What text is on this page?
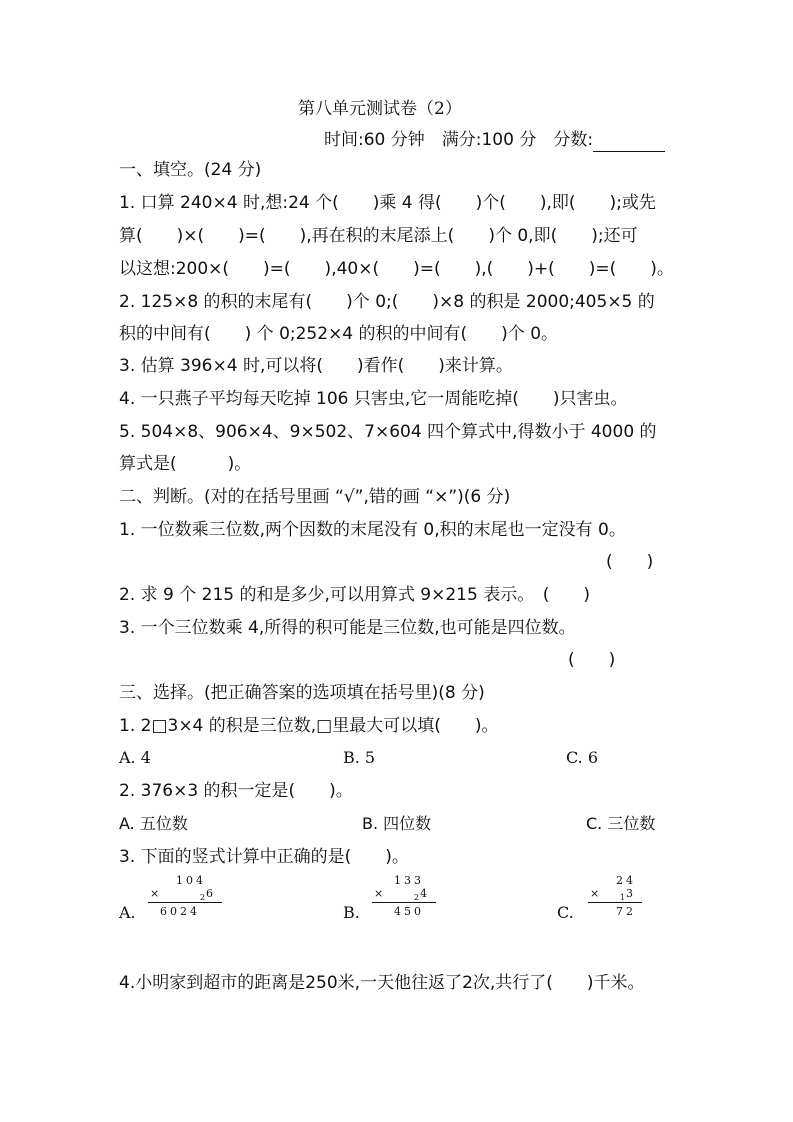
第八单元测试卷（2）
时间:60 分钟　满分:100 分　分数:
一、填空。(24 分)
1. 口算 240×4 时,想:24 个(　　)乘 4 得(　　)个(　　),即(　　);或先
算(　　)×(　　)=(　　),再在积的末尾添上(　　)个 0,即(　　);还可
以这想:200×(　　)=(　　),40×(　　)=(　　),(　　)+(　　)=(　　)。
2. 125×8 的积的末尾有(　　)个 0;(　　)×8 的积是 2000;405×5 的
积的中间有(　　) 个 0;252×4 的积的中间有(　　)个 0。
3. 估算 396×4 时,可以将(　　)看作(　　)来计算。
4. 一只燕子平均每天吃掉 106 只害虫,它一周能吃掉(　　)只害虫。
5. 504×8、906×4、9×502、7×604 四个算式中,得数小于 4000 的
算式是(　　　)。
二、判断。(对的在括号里画 “√”,错的画 “×”)(6 分)
1. 一位数乘三位数,两个因数的末尾没有 0,积的末尾也一定没有 0。
(　　)
2. 求 9 个 215 的和是多少,可以用算式 9×215 表示。　(　　)
3. 一个三位数乘 4,所得的积可能是三位数,也可能是四位数。
(　　)
三、选择。(把正确答案的选项填在括号里)(8 分)
1. 2□3×4 的积是三位数,□里最大可以填(　　)。
A. 4	B. 5	C. 6
2. 376×3 的积一定是(　　)。
A. 五位数	B. 四位数	C. 三位数
3. 下面的竖式计算中正确的是(　　)。
A.
104
×	2
6
6024	B.
133
×	2
4
450	C.
24
× 1
3
72
4.小明家到超市的距离是250米,一天他往返了2次,共行了(　　)千米。
